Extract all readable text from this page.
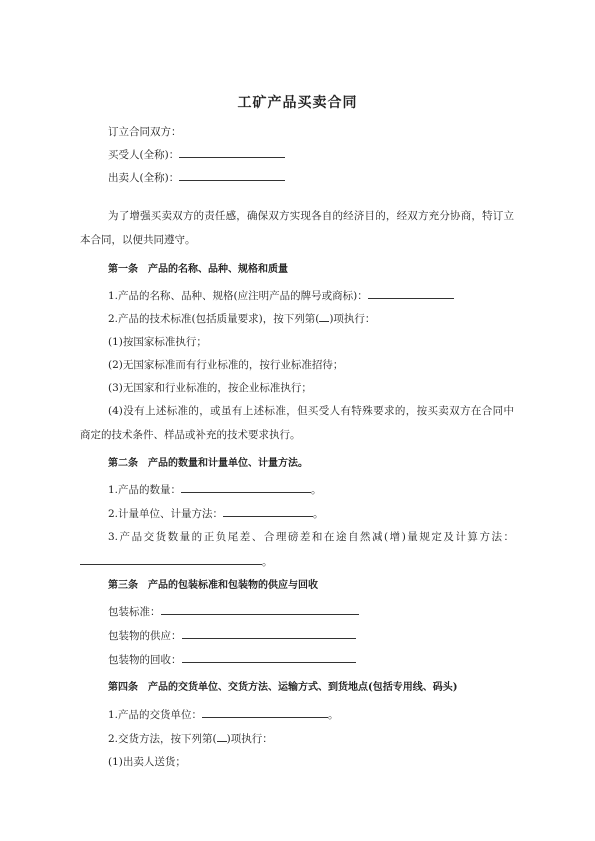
工矿产品买卖合同
订立合同双方：
买受人(全称)：
出卖人(全称)：
为了增强买卖双方的责任感，确保双方实现各自的经济目的，经双方充分协商，特订立
本合同，以便共同遵守。
第一条　产品的名称、品种、规格和质量
1.产品的名称、品种、规格(应注明产品的牌号或商标)：
2.产品的技术标准(包括质量要求)，按下列第( )项执行：
(1)按国家标准执行；
(2)无国家标准而有行业标准的，按行业标准招待；
(3)无国家和行业标准的，按企业标准执行；
(4)没有上述标准的，或虽有上述标准，但买受人有特殊要求的，按买卖双方在合同中
商定的技术条件、样品或补充的技术要求执行。
第二条　产品的数量和计量单位、计量方法。
1.产品的数量：	。
2.计量单位、计量方法：	。
3.产品交货数量的正负尾差、合理磅差和在途自然减(增)量规定及计算方法：
。
第三条　产品的包装标准和包装物的供应与回收
包装标准：
包装物的供应：
包装物的回收：
第四条　产品的交货单位、交货方法、运输方式、到货地点(包括专用线、码头)
1.产品的交货单位：	。
2.交货方法，按下列第( )项执行：
(1)出卖人送货；
